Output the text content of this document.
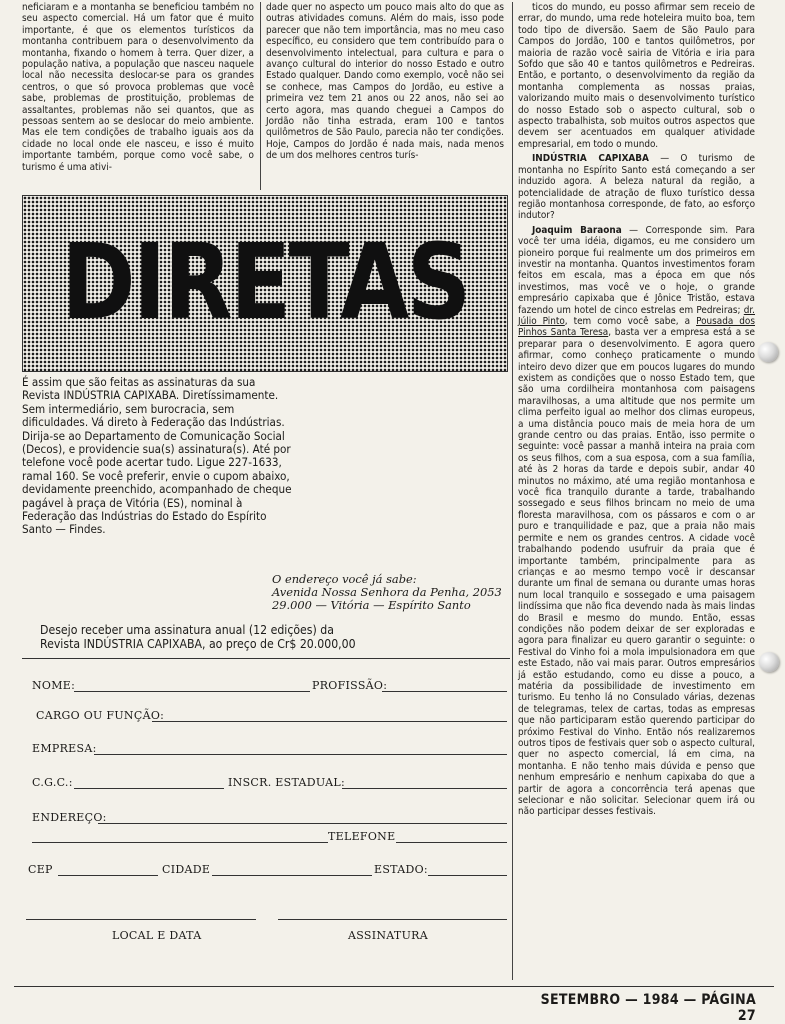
neficiaram e a montanha se beneficiou também no seu aspecto comercial. Há um fator que é muito importante, é que os elementos turísticos da montanha contribuem para o desenvolvimento da montanha, fixando o homem à terra. Quer dizer, a população nativa, a população que nasceu naquele local não necessita deslocar-se para os grandes centros, o que só provoca problemas que você sabe, problemas de prostituição, problemas de assaltantes, problemas não sei quantos, que as pessoas sentem ao se deslocar do meio ambiente. Mas ele tem condições de trabalho iguais aos da cidade no local onde ele nasceu, e isso é muito importante também, porque como você sabe, o turismo é uma ativi-

dade quer no aspecto um pouco mais alto do que as outras atividades comuns. Além do mais, isso pode parecer que não tem importância, mas no meu caso específico, eu considero que tem contribuído para o desenvolvimento intelectual, para cultura e para o avanço cultural do interior do nosso Estado e outro Estado qualquer. Dando como exemplo, você não sei se conhece, mas Campos do Jordão, eu estive a primeira vez tem 21 anos ou 22 anos, não sei ao certo agora, mas quando cheguei a Campos do Jordão não tinha estrada, eram 100 e tantos quilômetros de São Paulo, parecia não ter condições. Hoje, Campos do Jordão é nada mais, nada menos de um dos melhores centros turís-

ticos do mundo, eu posso afirmar sem receio de errar, do mundo, uma rede hoteleira muito boa, tem todo tipo de diversão. Saem de São Paulo para Campos do Jordão, 100 e tantos quilômetros, por maioria de razão você sairia de Vitória e iria para Sofdo que são 40 e tantos quilômetros e Pedreiras. Então, e portanto, o desenvolvimento da região da montanha complementa as nossas praias, valorizando muito mais o desenvolvimento turístico do nosso Estado sob o aspecto cultural, sob o aspecto trabalhista, sob muitos outros aspectos que devem ser acentuados em qualquer atividade empresarial, em todo o mundo.

INDÚSTRIA CAPIXABA — O turismo de montanha no Espírito Santo está começando a ser induzido agora. A beleza natural da região, a potencialidade de atração de fluxo turístico dessa região montanhosa corresponde, de fato, ao esforço indutor?

Joaquim Baraona — Corresponde sim. Para você ter uma idéia, digamos, eu me considero um pioneiro porque fui realmente um dos primeiros em investir na montanha. Quantos investimentos foram feitos em escala, mas a época em que nós investimos, mas você ve o hoje, o grande empresário capixaba que é Jônice Tristão, estava fazendo um hotel de cinco estrelas em Pedreiras; dr. Júlio Pinto, tem como você sabe, a Pousada dos Pinhos Santa Teresa, basta ver a empresa está a se preparar para o desenvolvimento. E agora quero afirmar, como conheço praticamente o mundo inteiro devo dizer que em poucos lugares do mundo existem as condições que o nosso Estado tem, que são uma cordilheira montanhosa com paisagens maravilhosas, a uma altitude que nos permite um clima perfeito igual ao melhor dos climas europeus, a uma distância pouco mais de meia hora de um grande centro ou das praias. Então, isso permite o seguinte: você passar a manhã inteira na praia com os seus filhos, com a sua esposa, com a sua família, até às 2 horas da tarde e depois subir, andar 40 minutos no máximo, até uma região montanhosa e você fica tranquilo durante a tarde, trabalhando sossegado e seus filhos brincam no meio de uma floresta maravilhosa, com os pássaros e com o ar puro e tranquilidade e paz, que a praia não mais permite e nem os grandes centros. A cidade você trabalhando podendo usufruir da praia que é importante também, principalmente para as crianças e ao mesmo tempo você ir descansar durante um final de semana ou durante umas horas num local tranquilo e sossegado e uma paisagem lindíssima que não fica devendo nada às mais lindas do Brasil e mesmo do mundo. Então, essas condições não podem deixar de ser exploradas e agora para finalizar eu quero garantir o seguinte: o Festival do Vinho foi a mola impulsionadora em que este Estado, não vai mais parar. Outros empresários já estão estudando, como eu disse a pouco, a matéria da possibilidade de investimento em turismo. Eu tenho lá no Consulado várias, dezenas de telegramas, telex de cartas, todas as empresas que não participaram estão querendo participar do próximo Festival do Vinho. Então nós realizaremos outros tipos de festivais quer sob o aspecto cultural, quer no aspecto comercial, lá em cima, na montanha. E não tenho mais dúvida e penso que nenhum empresário e nenhum capixaba do que a partir de agora a concorrência terá apenas que selecionar e não solicitar. Selecionar quem irá ou não participar desses festivais.

DIRETAS

É assim que são feitas as assinaturas da sua Revista INDÚSTRIA CAPIXABA. Diretíssimamente. Sem intermediário, sem burocracia, sem dificuldades. Vá direto à Federação das Indústrias.

Dirija-se ao Departamento de Comunicação Social (Decos), e providencie sua(s) assinatura(s). Até por telefone você pode acertar tudo. Ligue 227-1633, ramal 160. Se você preferir, envie o cupom abaixo, devidamente preenchido, acompanhado de cheque pagável à praça de Vitória (ES), nominal à Federação das Indústrias do Estado do Espírito Santo — Findes.

O endereço você já sabe:

Avenida Nossa Senhora da Penha, 2053

29.000 — Vitória — Espírito Santo

Desejo receber uma assinatura anual (12 edições) da
Revista INDÚSTRIA CAPIXABA, ao preço de Cr$ 20.000,00
NOME:	PROFISSÃO:
CARGO OU FUNÇÃO:
EMPRESA:
C.G.C.:	INSCR. ESTADUAL:
ENDEREÇO:
TELEFONE
CEP	CIDADE	ESTADO:
LOCAL E DATA	ASSINATURA
SETEMBRO — 1984 — PÁGINA 27
